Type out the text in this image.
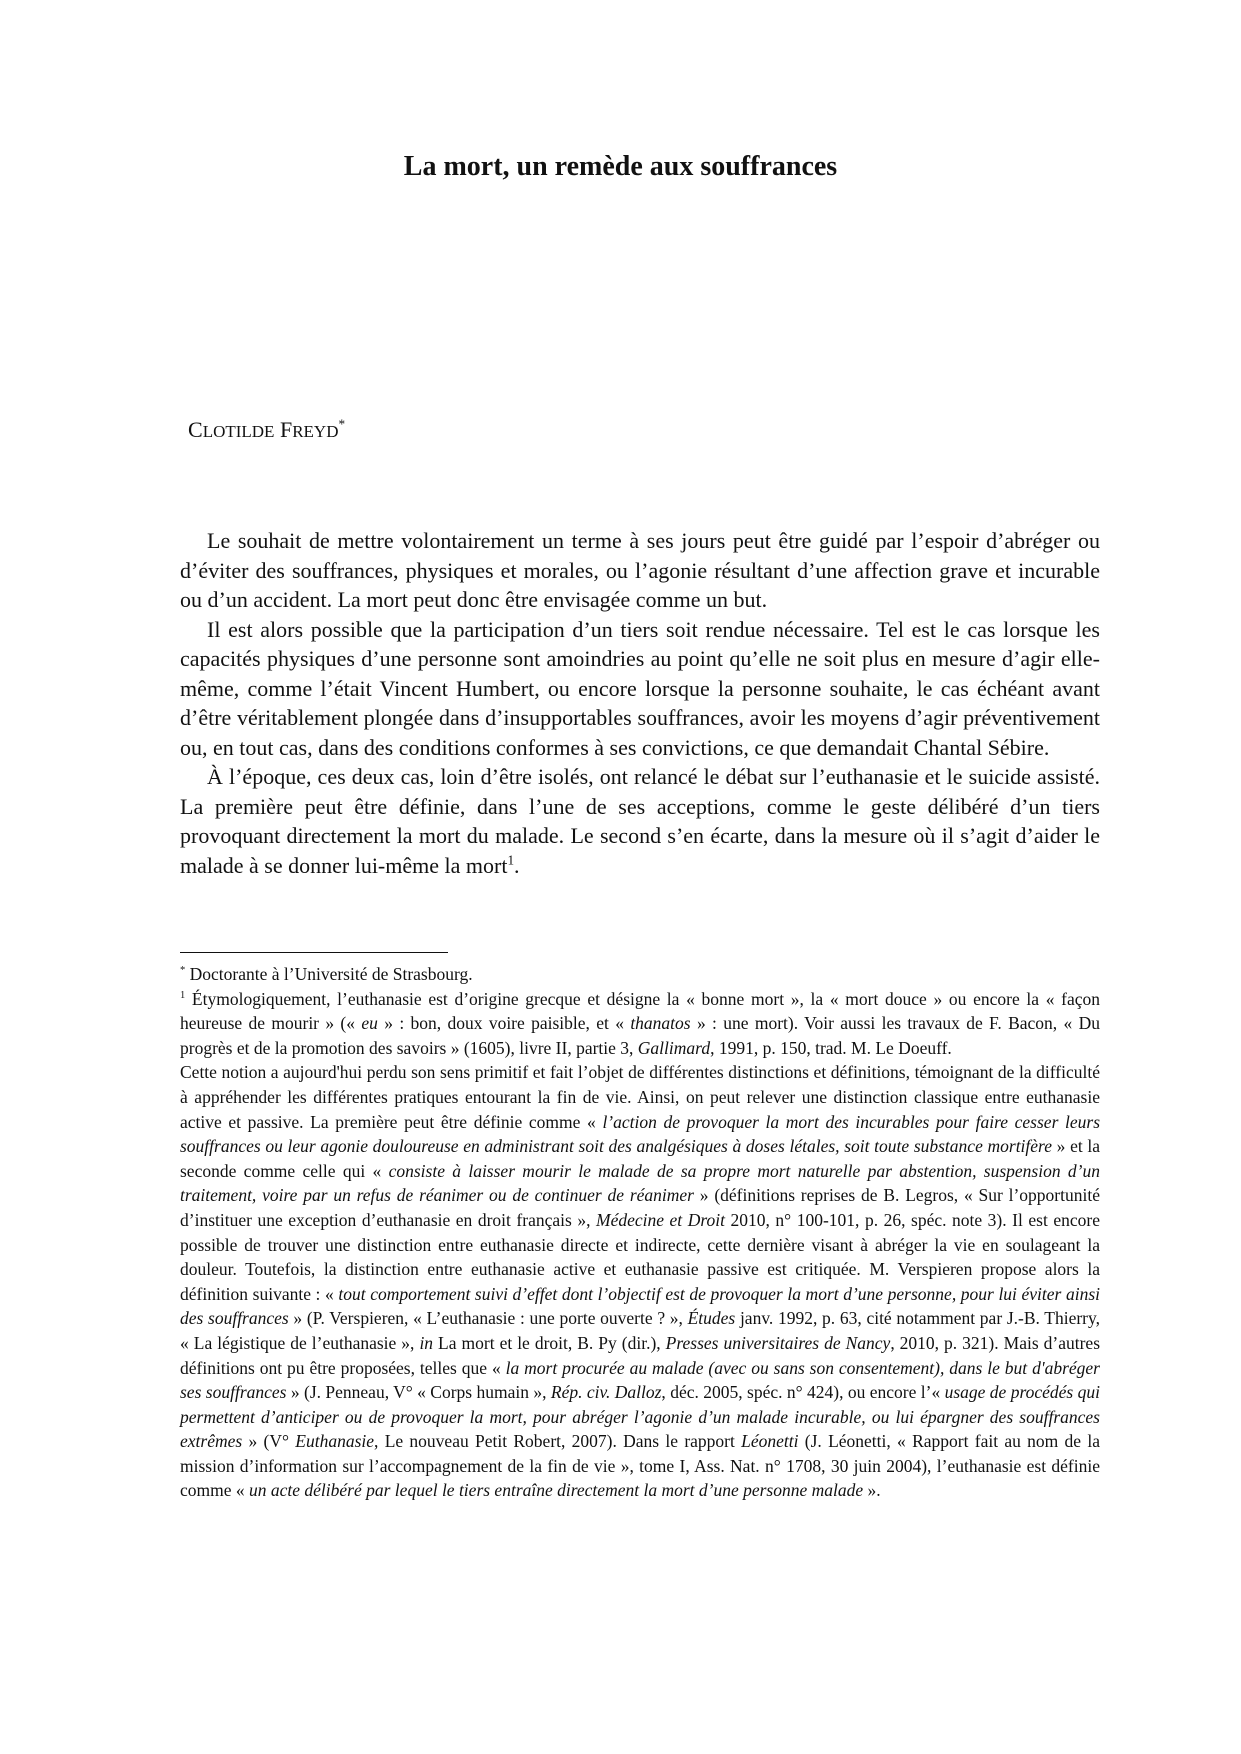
La mort, un remède aux souffrances
CLOTILDE FREYD*

Le souhait de mettre volontairement un terme à ses jours peut être guidé par l’espoir d’abréger ou d’éviter des souffrances, physiques et morales, ou l’agonie résultant d’une affection grave et incurable ou d’un accident. La mort peut donc être envisagée comme un but.

Il est alors possible que la participation d’un tiers soit rendue nécessaire. Tel est le cas lorsque les capacités physiques d’une personne sont amoindries au point qu’elle ne soit plus en mesure d’agir elle-même, comme l’était Vincent Humbert, ou encore lorsque la personne souhaite, le cas échéant avant d’être véritablement plongée dans d’insupportables souffrances, avoir les moyens d’agir préventivement ou, en tout cas, dans des conditions conformes à ses convictions, ce que demandait Chantal Sébire.

À l’époque, ces deux cas, loin d’être isolés, ont relancé le débat sur l’euthanasie et le suicide assisté. La première peut être définie, dans l’une de ses acceptions, comme le geste délibéré d’un tiers provoquant directement la mort du malade. Le second s’en écarte, dans la mesure où il s’agit d’aider le malade à se donner lui-même la mort$^1$.

* Doctorante à l’Université de Strasbourg.

$^1$ Étymologiquement, l’euthanasie est d’origine grecque et désigne la « bonne mort », la « mort douce » ou encore la « façon heureuse de mourir » (« eu » : bon, doux voire paisible, et « thanatos » : une mort). Voir aussi les travaux de F. Bacon, « Du progrès et de la promotion des savoirs » (1605), livre II, partie 3, Gallimard, 1991, p. 150, trad. M. Le Doeuff.

Cette notion a aujourd'hui perdu son sens primitif et fait l’objet de différentes distinctions et définitions, témoignant de la difficulté à appréhender les différentes pratiques entourant la fin de vie. Ainsi, on peut relever une distinction classique entre euthanasie active et passive. La première peut être définie comme « l’action de provoquer la mort des incurables pour faire cesser leurs souffrances ou leur agonie douloureuse en administrant soit des analgésiques à doses létales, soit toute substance mortifère » et la seconde comme celle qui « consiste à laisser mourir le malade de sa propre mort naturelle par abstention, suspension d’un traitement, voire par un refus de réanimer ou de continuer de réanimer » (définitions reprises de B. Legros, « Sur l’opportunité d’instituer une exception d’euthanasie en droit français », Médecine et Droit 2010, n° 100-101, p. 26, spéc. note 3). Il est encore possible de trouver une distinction entre euthanasie directe et indirecte, cette dernière visant à abréger la vie en soulageant la douleur. Toutefois, la distinction entre euthanasie active et euthanasie passive est critiquée. M. Verspieren propose alors la définition suivante : « tout comportement suivi d’effet dont l’objectif est de provoquer la mort d’une personne, pour lui éviter ainsi des souffrances » (P. Verspieren, « L’euthanasie : une porte ouverte ? », Études janv. 1992, p. 63, cité notamment par J.-B. Thierry, « La légistique de l’euthanasie », in La mort et le droit, B. Py (dir.), Presses universitaires de Nancy, 2010, p. 321). Mais d’autres définitions ont pu être proposées, telles que « la mort procurée au malade (avec ou sans son consentement), dans le but d'abréger ses souffrances » (J. Penneau, V° « Corps humain », Rép. civ. Dalloz, déc. 2005, spéc. n° 424), ou encore l’« usage de procédés qui permettent d’anticiper ou de provoquer la mort, pour abréger l’agonie d’un malade incurable, ou lui épargner des souffrances extrêmes » (V° Euthanasie, Le nouveau Petit Robert, 2007). Dans le rapport Léonetti (J. Léonetti, « Rapport fait au nom de la mission d’information sur l’accompagnement de la fin de vie », tome I, Ass. Nat. n° 1708, 30 juin 2004), l’euthanasie est définie comme « un acte délibéré par lequel le tiers entraîne directement la mort d’une personne malade ».
